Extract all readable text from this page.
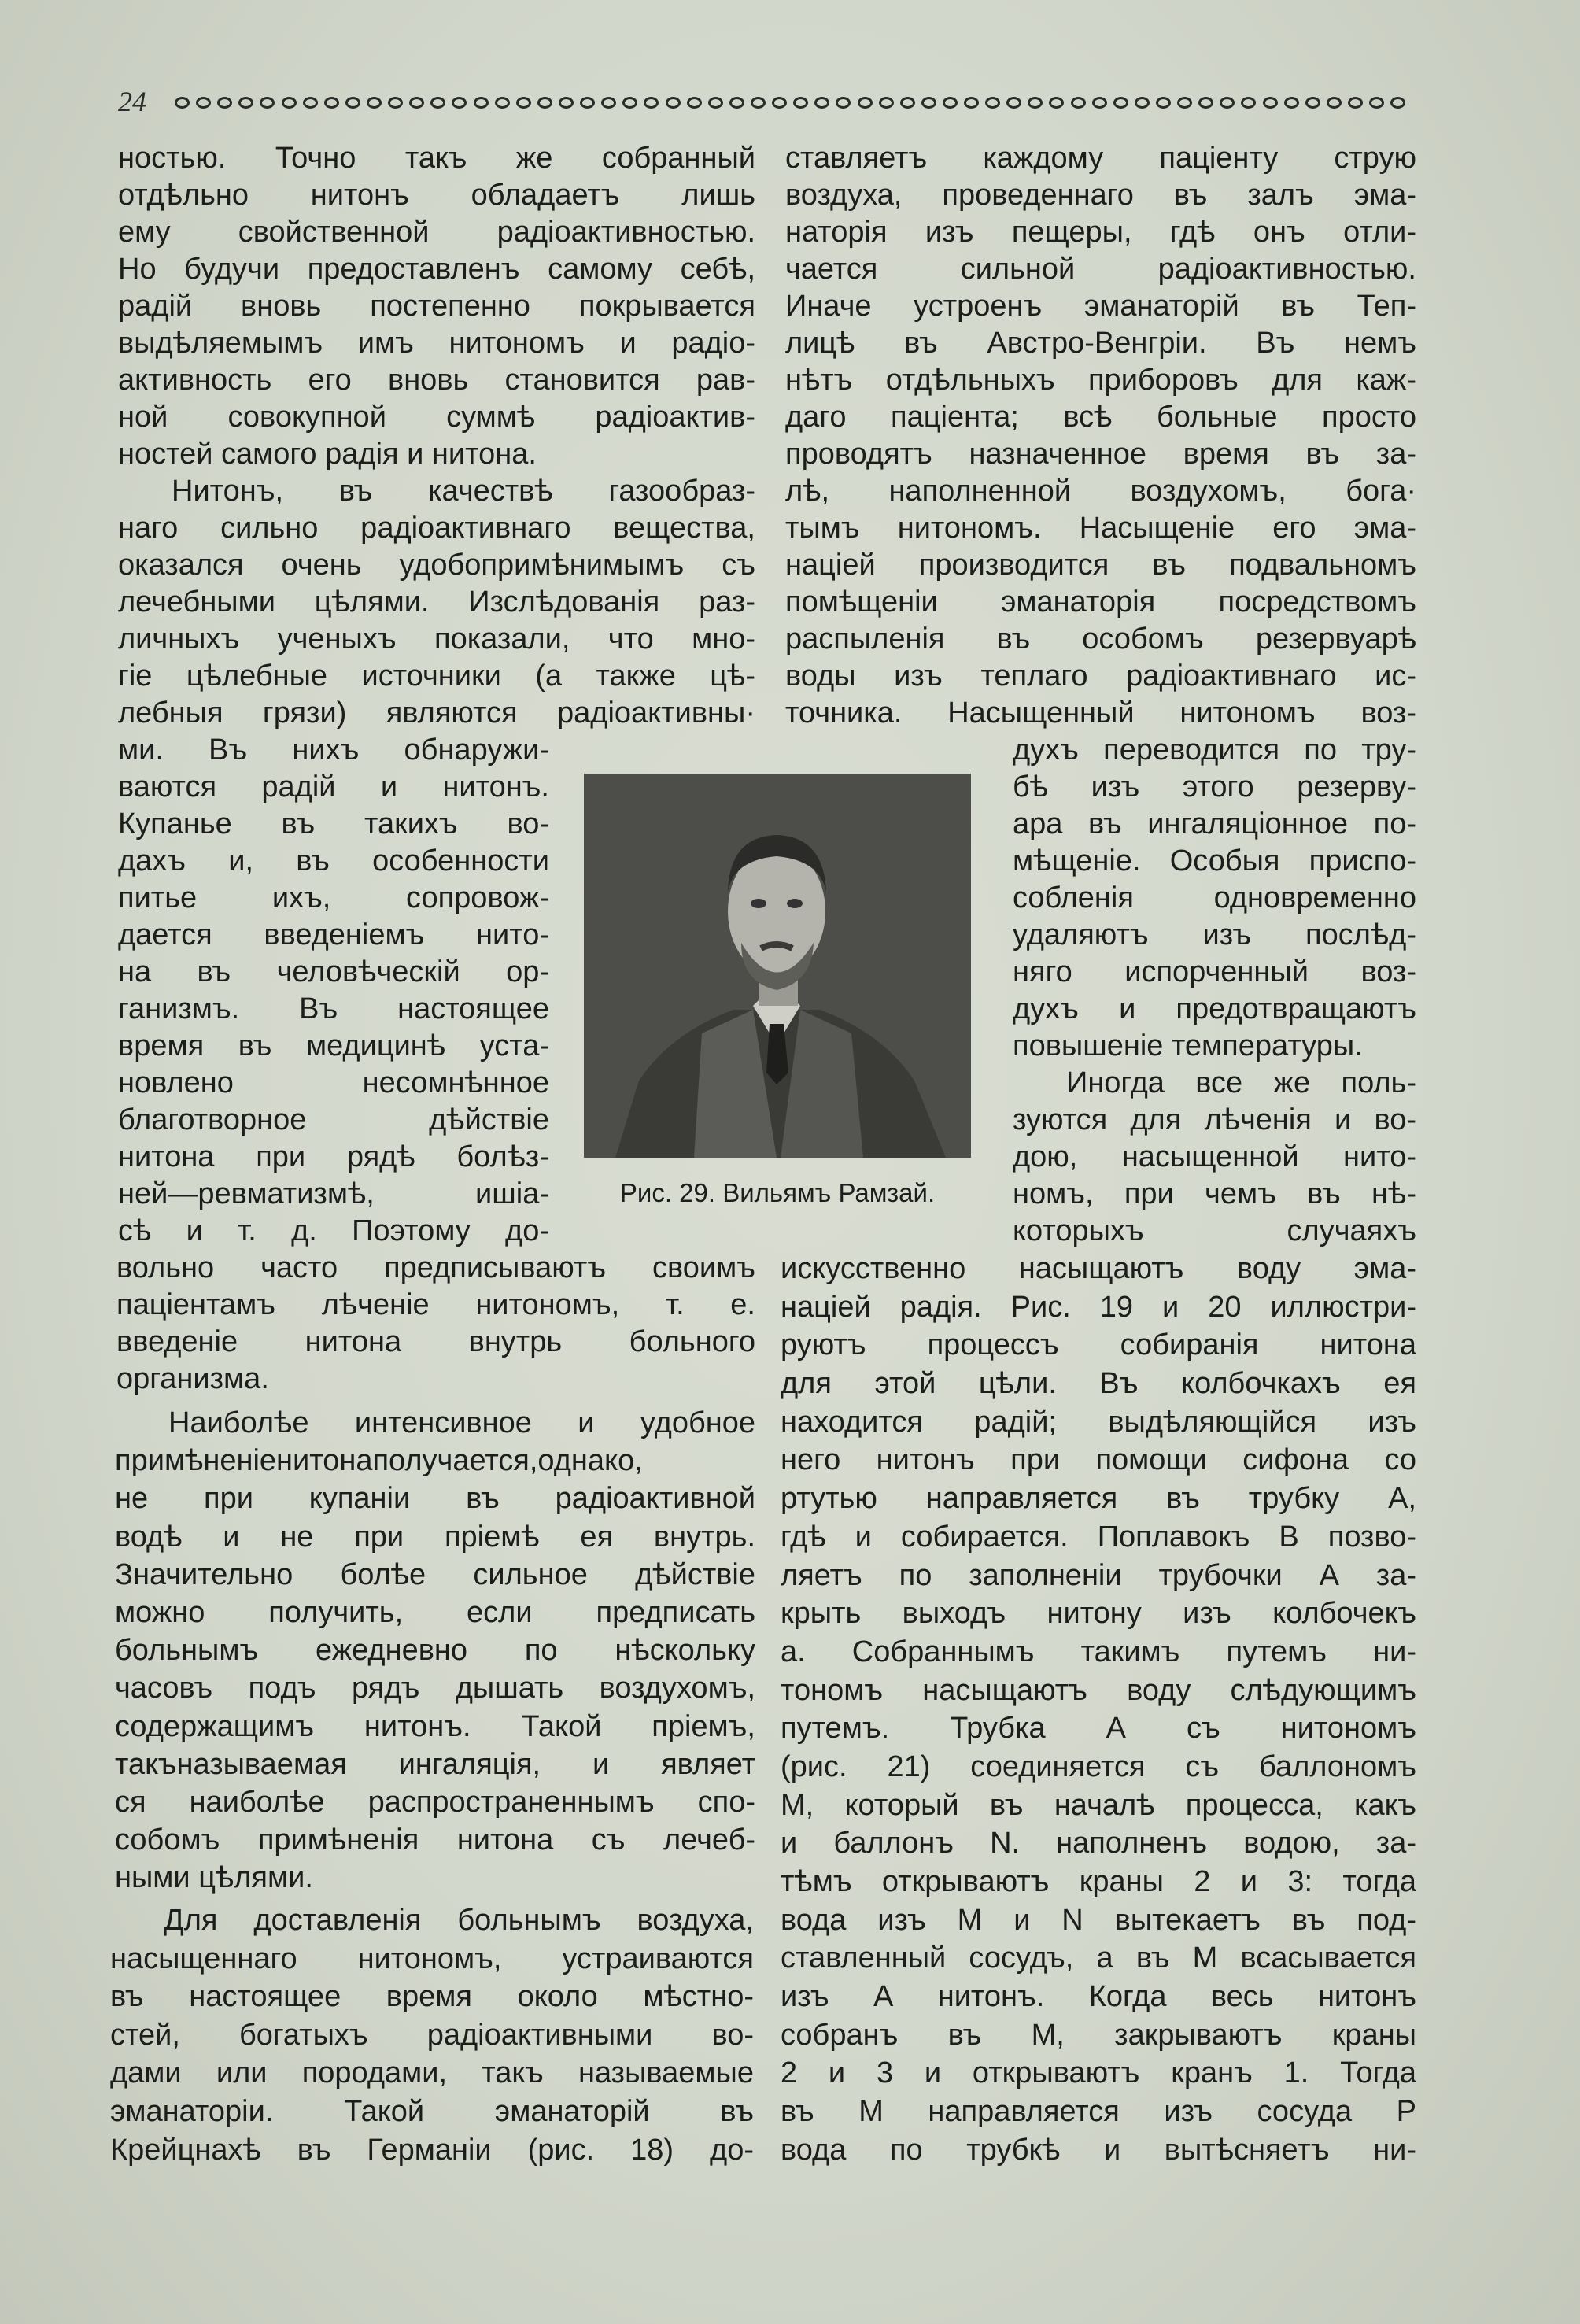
24
ностью. Точно такъ же собранный
отдѣльно нитонъ обладаетъ лишь
ему свойственной радіоактивностью.
Но будучи предоставленъ самому себѣ,
радій вновь постепенно покрывается
выдѣляемымъ имъ нитономъ и радіо-
активность его вновь становится рав-
ной совокупной суммѣ радіоактив-
ностей самого радія и нитона.
Нитонъ, въ качествѣ газообраз-
наго сильно радіоактивнаго вещества,
оказался очень удобопримѣнимымъ съ
лечебными цѣлями. Изслѣдованія раз-
личныхъ ученыхъ показали, что мно-
гіе цѣлебные источники (а также цѣ-
лебныя грязи) являются радіоактивны·
ми. Въ нихъ обнаружи-
ваются радій и нитонъ.
Купанье въ такихъ во-
дахъ и, въ особенности
питье ихъ, сопровож-
дается введеніемъ нито-
на въ человѣческій ор-
ганизмъ. Въ настоящее
время въ медицинѣ уста-
новлено несомнѣнное
благотворное дѣйствіе
нитона при рядѣ болѣз-
ней—ревматизмѣ, ишіа-
сѣ и т. д. Поэтому до-
вольно часто предписываютъ своимъ
паціентамъ лѣченіе нитономъ, т. е.
введеніе нитона внутрь больного
организма.
Наиболѣе интенсивное и удобное
примѣненіенитонаполучается,однако,
не при купаніи въ радіоактивной
водѣ и не при пріемѣ ея внутрь.
Значительно болѣе сильное дѣйствіе
можно получить, если предписать
больнымъ ежедневно по нѣскольку
часовъ подъ рядъ дышать воздухомъ,
содержащимъ нитонъ. Такой пріемъ,
такъназываемая ингаляція, и являет
ся наиболѣе распространеннымъ спо-
собомъ примѣненія нитона съ лечеб-
ными цѣлями.
Для доставленія больнымъ воздуха,
насыщеннаго нитономъ, устраиваются
въ настоящее время около мѣстно-
стей, богатыхъ радіоактивными во-
дами или породами, такъ называемые
эманаторіи. Такой эманаторій въ
Крейцнахѣ въ Германіи (рис. 18) до-
ставляетъ каждому паціенту струю
воздуха, проведеннаго въ залъ эма-
наторія изъ пещеры, гдѣ онъ отли-
чается сильной радіоактивностью.
Иначе устроенъ эманаторій въ Теп-
лицѣ въ Австро-Венгріи. Въ немъ
нѣтъ отдѣльныхъ приборовъ для каж-
даго паціента; всѣ больные просто
проводятъ назначенное время въ за-
лѣ, наполненной воздухомъ, бога·
тымъ нитономъ. Насыщеніе его эма-
націей производится въ подвальномъ
помѣщеніи эманаторія посредствомъ
распыленія въ особомъ резервуарѣ
воды изъ теплаго радіоактивнаго ис-
точника. Насыщенный нитономъ воз-
духъ переводится по тру-
бѣ изъ этого резерву-
ара въ ингаляціонное по-
мѣщеніе. Особыя приспо-
собленія одновременно
удаляютъ изъ послѣд-
няго испорченный воз-
духъ и предотвращаютъ
повышеніе температуры.
Иногда все же поль-
зуются для лѣченія и во-
дою, насыщенной нито-
номъ, при чемъ въ нѣ-
которыхъ случаяхъ
искусственно насыщаютъ воду эма-
націей радія. Рис. 19 и 20 иллюстри-
руютъ процессъ собиранія нитона
для этой цѣли. Въ колбочкахъ ея
находится радій; выдѣляющійся изъ
него нитонъ при помощи сифона со
ртутью направляется въ трубку А,
гдѣ и собирается. Поплавокъ В позво-
ляетъ по заполненіи трубочки А за-
крыть выходъ нитону изъ колбочекъ
а. Собраннымъ такимъ путемъ ни-
тономъ насыщаютъ воду слѣдующимъ
путемъ. Трубка А съ нитономъ
(рис. 21) соединяется съ баллономъ
М, который въ началѣ процесса, какъ
и баллонъ N. наполненъ водою, за-
тѣмъ открываютъ краны 2 и 3: тогда
вода изъ М и N вытекаетъ въ под-
ставленный сосудъ, а въ М всасывается
изъ А нитонъ. Когда весь нитонъ
собранъ въ М, закрываютъ краны
2 и 3 и открываютъ кранъ 1. Тогда
въ М направляется изъ сосуда Р
вода по трубкѣ и вытѣсняетъ ни-
Рис. 29. Вильямъ Рамзай.
